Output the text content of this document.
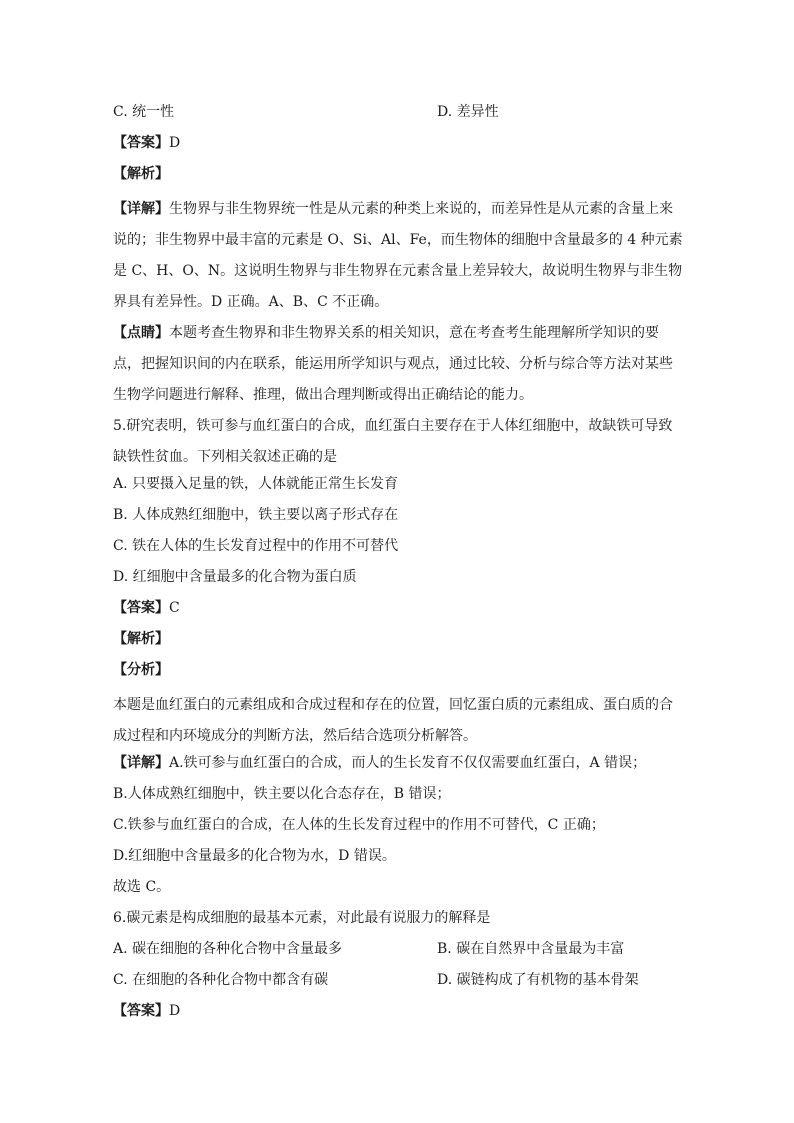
C. 统一性	D. 差异性
【答案】D
【解析】
【详解】生物界与非生物界统一性是从元素的种类上来说的，而差异性是从元素的含量上来说的；非生物界中最丰富的元素是 O、Si、Al、Fe，而生物体的细胞中含量最多的 4 种元素是 C、H、O、N。这说明生物界与非生物界在元素含量上差异较大，故说明生物界与非生物界具有差异性。D 正确。A、B、C 不正确。
【点睛】本题考查生物界和非生物界关系的相关知识，意在考查考生能理解所学知识的要点，把握知识间的内在联系，能运用所学知识与观点，通过比较、分析与综合等方法对某些生物学问题进行解释、推理，做出合理判断或得出正确结论的能力。
5.研究表明，铁可参与血红蛋白的合成，血红蛋白主要存在于人体红细胞中，故缺铁可导致缺铁性贫血。下列相关叙述正确的是
A. 只要摄入足量的铁，人体就能正常生长发育
B. 人体成熟红细胞中，铁主要以离子形式存在
C. 铁在人体的生长发育过程中的作用不可替代
D. 红细胞中含量最多的化合物为蛋白质
【答案】C
【解析】
【分析】
本题是血红蛋白的元素组成和合成过程和存在的位置，回忆蛋白质的元素组成、蛋白质的合成过程和内环境成分的判断方法，然后结合选项分析解答。
【详解】A.铁可参与血红蛋白的合成，而人的生长发育不仅仅需要血红蛋白，A 错误；
B.人体成熟红细胞中，铁主要以化合态存在，B 错误；
C.铁参与血红蛋白的合成，在人体的生长发育过程中的作用不可替代，C 正确；
D.红细胞中含量最多的化合物为水，D 错误。
故选 C。
6.碳元素是构成细胞的最基本元素，对此最有说服力的解释是
A. 碳在细胞的各种化合物中含量最多	B. 碳在自然界中含量最为丰富
C. 在细胞的各种化合物中都含有碳	D. 碳链构成了有机物的基本骨架
【答案】D
